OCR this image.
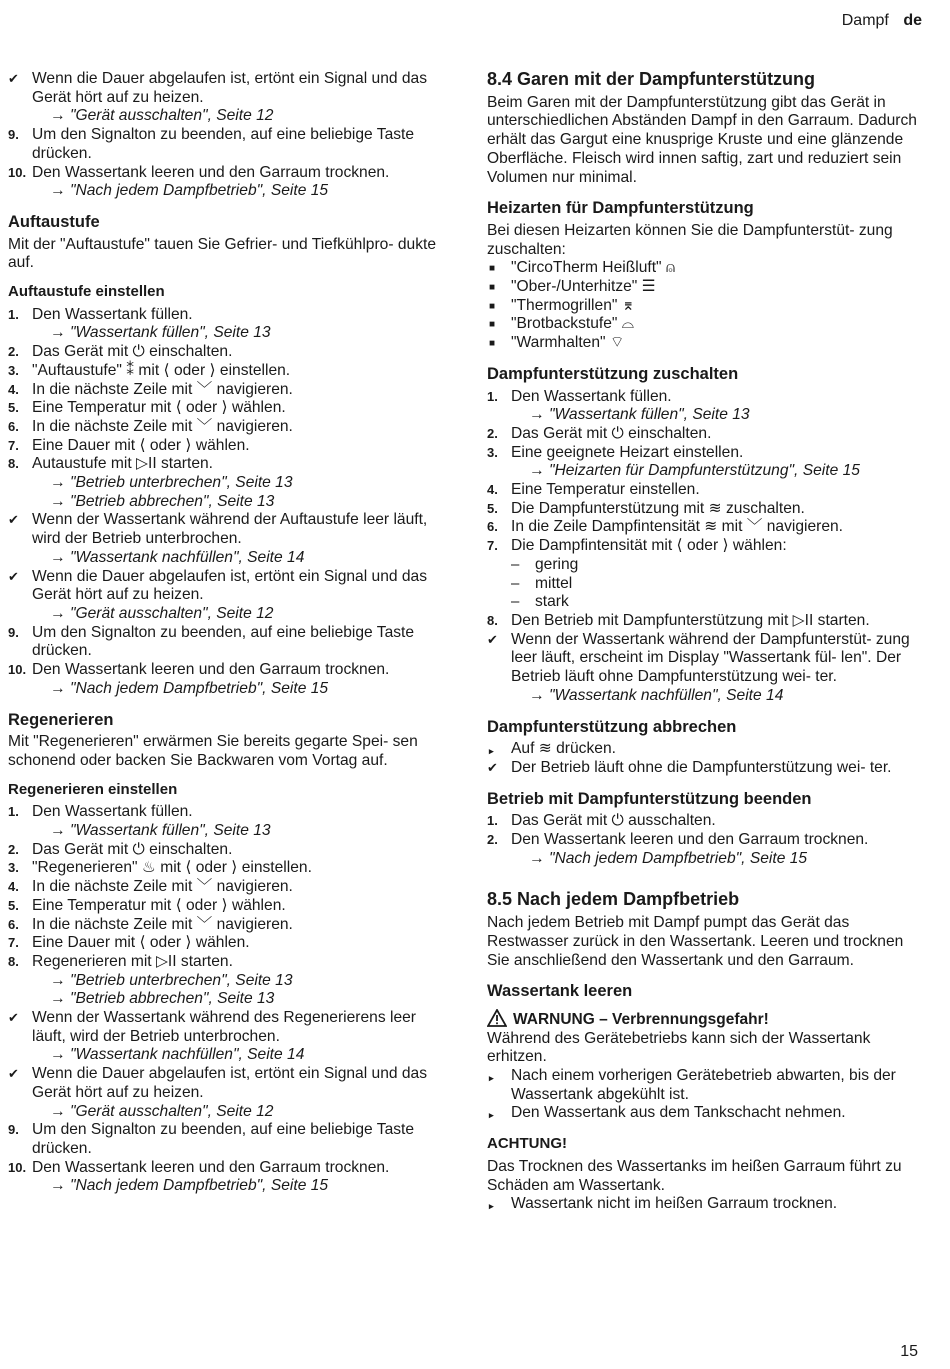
Dampf de
✔ Wenn die Dauer abgelaufen ist, ertönt ein Signal und das Gerät hört auf zu heizen.
→ "Gerät ausschalten", Seite 12
9. Um den Signalton zu beenden, auf eine beliebige Taste drücken.
10. Den Wassertank leeren und den Garraum trocknen.
→ "Nach jedem Dampfbetrieb", Seite 15
Auftaustufe

Mit der "Auftaustufe" tauen Sie Gefrier- und Tiefkühlpro- dukte auf.

Auftaustufe einstellen
1. Den Wassertank füllen.
→ "Wassertank füllen", Seite 13
2. Das Gerät mit ⏻ einschalten.
3. "Auftaustufe" ⁑ mit ⟨ oder ⟩ einstellen.
4. In die nächste Zeile mit ﹀ navigieren.
5. Eine Temperatur mit ⟨ oder ⟩ wählen.
6. In die nächste Zeile mit ﹀ navigieren.
7. Eine Dauer mit ⟨ oder ⟩ wählen.
8. Autaustufe mit ▷II starten.
→ "Betrieb unterbrechen", Seite 13
→ "Betrieb abbrechen", Seite 13
✔ Wenn der Wassertank während der Auftaustufe leer läuft, wird der Betrieb unterbrochen.
→ "Wassertank nachfüllen", Seite 14
✔ Wenn die Dauer abgelaufen ist, ertönt ein Signal und das Gerät hört auf zu heizen.
→ "Gerät ausschalten", Seite 12
9. Um den Signalton zu beenden, auf eine beliebige Taste drücken.
10. Den Wassertank leeren und den Garraum trocknen.
→ "Nach jedem Dampfbetrieb", Seite 15
Regenerieren

Mit "Regenerieren" erwärmen Sie bereits gegarte Spei- sen schonend oder backen Sie Backwaren vom Vortag auf.

Regenerieren einstellen
1. Den Wassertank füllen.
→ "Wassertank füllen", Seite 13
2. Das Gerät mit ⏻ einschalten.
3. "Regenerieren" ♨ mit ⟨ oder ⟩ einstellen.
4. In die nächste Zeile mit ﹀ navigieren.
5. Eine Temperatur mit ⟨ oder ⟩ wählen.
6. In die nächste Zeile mit ﹀ navigieren.
7. Eine Dauer mit ⟨ oder ⟩ wählen.
8. Regenerieren mit ▷II starten.
→ "Betrieb unterbrechen", Seite 13
→ "Betrieb abbrechen", Seite 13
✔ Wenn der Wassertank während des Regenerierens leer läuft, wird der Betrieb unterbrochen.
→ "Wassertank nachfüllen", Seite 14
✔ Wenn die Dauer abgelaufen ist, ertönt ein Signal und das Gerät hört auf zu heizen.
→ "Gerät ausschalten", Seite 12
9. Um den Signalton zu beenden, auf eine beliebige Taste drücken.
10. Den Wassertank leeren und den Garraum trocknen.
→ "Nach jedem Dampfbetrieb", Seite 15
8.4 Garen mit der Dampfunterstützung

Beim Garen mit der Dampfunterstützung gibt das Gerät in unterschiedlichen Abständen Dampf in den Garraum. Dadurch erhält das Gargut eine knusprige Kruste und eine glänzende Oberfläche. Fleisch wird innen saftig, zart und reduziert sein Volumen nur minimal.

Heizarten für Dampfunterstützung

Bei diesen Heizarten können Sie die Dampfunterstüt- zung zuschalten:

■ "CircoTherm Heißluft" ⍝
■ "Ober-/Unterhitze" ☰
■ "Thermogrillen" ⌆
■ "Brotbackstufe" ⌓
■ "Warmhalten" ⌔
Dampfunterstützung zuschalten
1. Den Wassertank füllen.
→ "Wassertank füllen", Seite 13
2. Das Gerät mit ⏻ einschalten.
3. Eine geeignete Heizart einstellen.
→ "Heizarten für Dampfunterstützung", Seite 15
4. Eine Temperatur einstellen.
5. Die Dampfunterstützung mit ≋ zuschalten.
6. In die Zeile Dampfintensität ≋ mit ﹀ navigieren.
7. Die Dampfintensität mit ⟨ oder ⟩ wählen:
– gering
– mittel
– stark
8. Den Betrieb mit Dampfunterstützung mit ▷II starten.
✔ Wenn der Wassertank während der Dampfunterstüt- zung leer läuft, erscheint im Display "Wassertank fül- len". Der Betrieb läuft ohne Dampfunterstützung wei- ter.
→ "Wassertank nachfüllen", Seite 14
Dampfunterstützung abbrechen
▸ Auf ≋ drücken.
✔ Der Betrieb läuft ohne die Dampfunterstützung wei- ter.
Betrieb mit Dampfunterstützung beenden
1. Das Gerät mit ⏻ ausschalten.
2. Den Wassertank leeren und den Garraum trocknen.
→ "Nach jedem Dampfbetrieb", Seite 15
8.5 Nach jedem Dampfbetrieb

Nach jedem Betrieb mit Dampf pumpt das Gerät das Restwasser zurück in den Wassertank. Leeren und trocknen Sie anschließend den Wassertank und den Garraum.

Wassertank leeren
WARNUNG – Verbrennungsgefahr!

Während des Gerätebetriebs kann sich der Wassertank erhitzen.

▸ Nach einem vorherigen Gerätebetrieb abwarten, bis der Wassertank abgekühlt ist.
▸ Den Wassertank aus dem Tankschacht nehmen.
ACHTUNG!

Das Trocknen des Wassertanks im heißen Garraum führt zu Schäden am Wassertank.

▸ Wassertank nicht im heißen Garraum trocknen.
15
